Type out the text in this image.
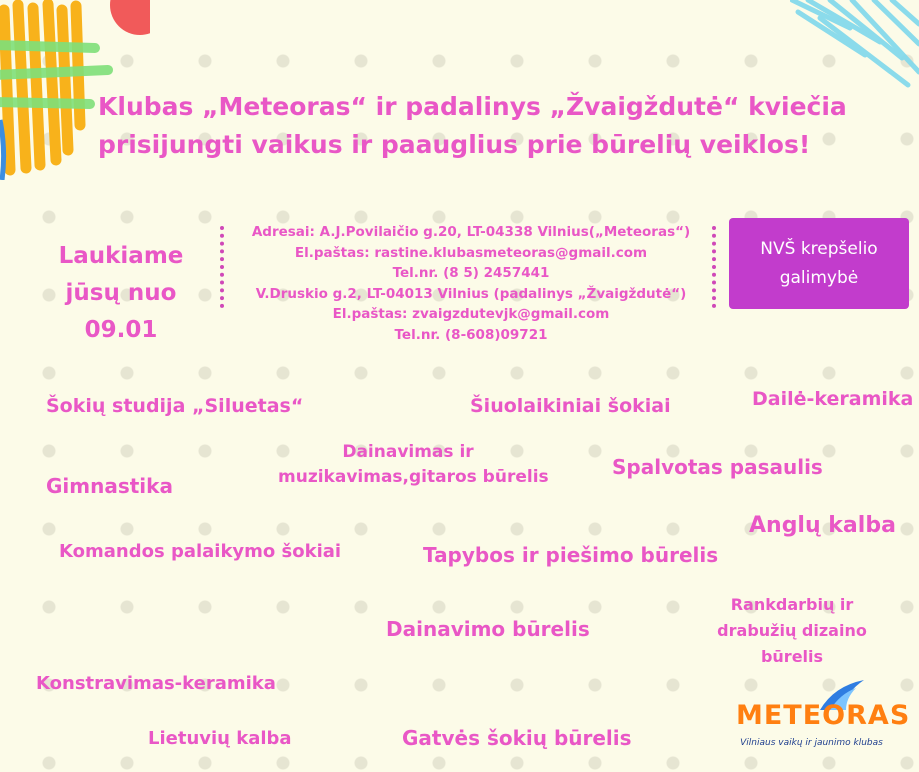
Klubas „Meteoras“ ir padalinys „Žvaigždutė“ kviečia
prisijungti vaikus ir paauglius prie būrelių veiklos!
Laukiame
jūsų nuo
09.01
Adresai: A.J.Povilaičio g.20, LT-04338 Vilnius(„Meteoras“)
El.paštas: rastine.klubasmeteoras@gmail.com
Tel.nr. (8 5) 2457441
V.Druskio g.2, LT-04013 Vilnius (padalinys „Žvaigždutė“)
El.paštas: zvaigzdutevjk@gmail.com
Tel.nr. (8-608)09721
NVŠ krepšelio
galimybė
Šokių studija „Siluetas“	Šiuolaikiniai šokiai	Dailė-keramika
Dainavimas ir
muzikavimas,gitaros būrelis
Gimnastika
Spalvotas pasaulis
Anglų kalba
Komandos palaikymo šokiai	Tapybos ir piešimo būrelis
Rankdarbių ir
drabužių dizaino
būrelis
Dainavimo būrelis
Konstravimas-keramika
Lietuvių kalba	Gatvės šokių būrelis
METEORAS
Vilniaus vaikų ir jaunimo klubas
